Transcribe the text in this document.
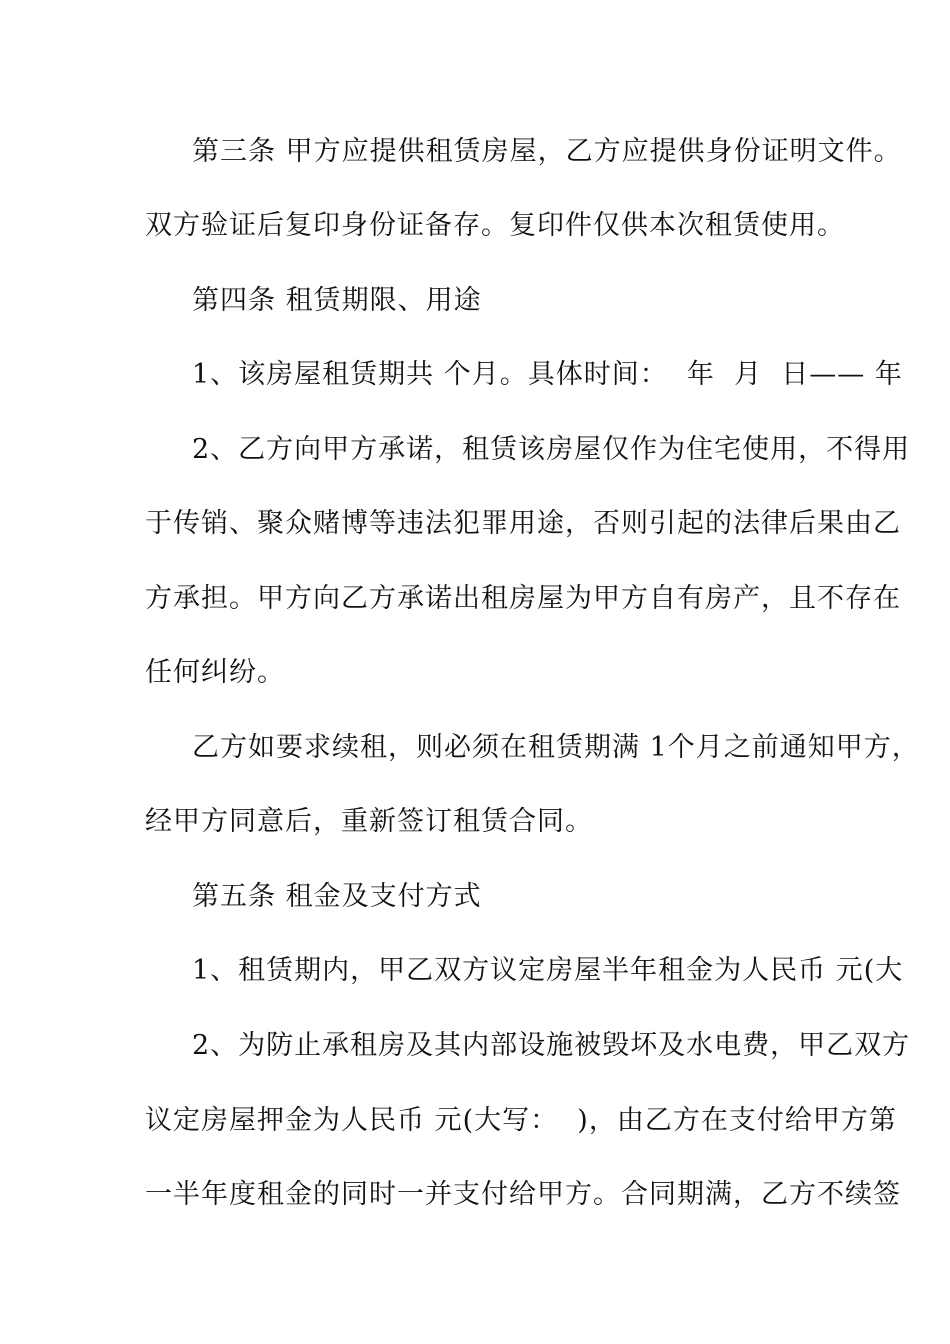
第三条 甲方应提供租赁房屋，乙方应提供身份证明文件。
双方验证后复印身份证备存。复印件仅供本次租赁使用。
第四条 租赁期限、用途
1、该房屋租赁期共 个月。具体时间：  年  月  日—— 年
2、乙方向甲方承诺，租赁该房屋仅作为住宅使用，不得用
于传销、聚众赌博等违法犯罪用途，否则引起的法律后果由乙
方承担。甲方向乙方承诺出租房屋为甲方自有房产，且不存在
任何纠纷。
乙方如要求续租，则必须在租赁期满 1个月之前通知甲方，
经甲方同意后，重新签订租赁合同。
第五条 租金及支付方式
1、租赁期内，甲乙双方议定房屋半年租金为人民币 元(大
2、为防止承租房及其内部设施被毁坏及水电费，甲乙双方
议定房屋押金为人民币 元(大写：  )，由乙方在支付给甲方第
一半年度租金的同时一并支付给甲方。合同期满，乙方不续签
